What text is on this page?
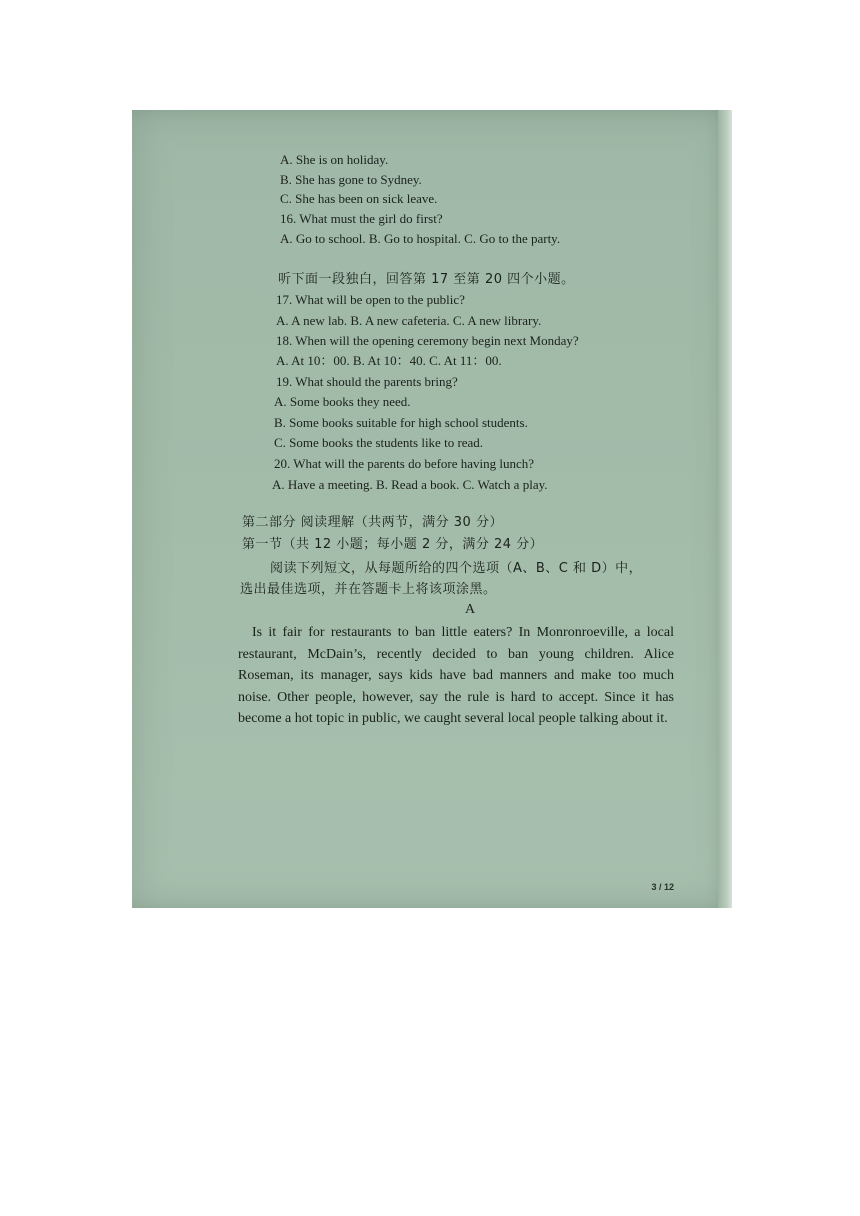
A. She is on holiday.
B. She has gone to Sydney.
C. She has been on sick leave.
16. What must the girl do first?
A. Go to school. B. Go to hospital. C. Go to the party.
听下面一段独白，回答第 17 至第 20 四个小题。
17. What will be open to the public?
A. A new lab. B. A new cafeteria. C. A new library.
18. When will the opening ceremony begin next Monday?
A. At 10：00. B. At 10：40. C. At 11：00.
19. What should the parents bring?
A. Some books they need.
B. Some books suitable for high school students.
C. Some books the students like to read.
20. What will the parents do before having lunch?
A. Have a meeting. B. Read a book. C. Watch a play.
第二部分 阅读理解（共两节，满分 30 分）
第一节（共 12 小题；每小题 2 分，满分 24 分）
阅读下列短文，从每题所给的四个选项（A、B、C 和 D）中，
选出最佳选项，并在答题卡上将该项涂黑。
A
Is it fair for restaurants to ban little eaters? In Monronroeville, a local restaurant, McDain’s, recently decided to ban young children. Alice Roseman, its manager, says kids have bad manners and make too much noise. Other people, however, say the rule is hard to accept. Since it has become a hot topic in public, we caught several local people talking about it.
3 / 12
